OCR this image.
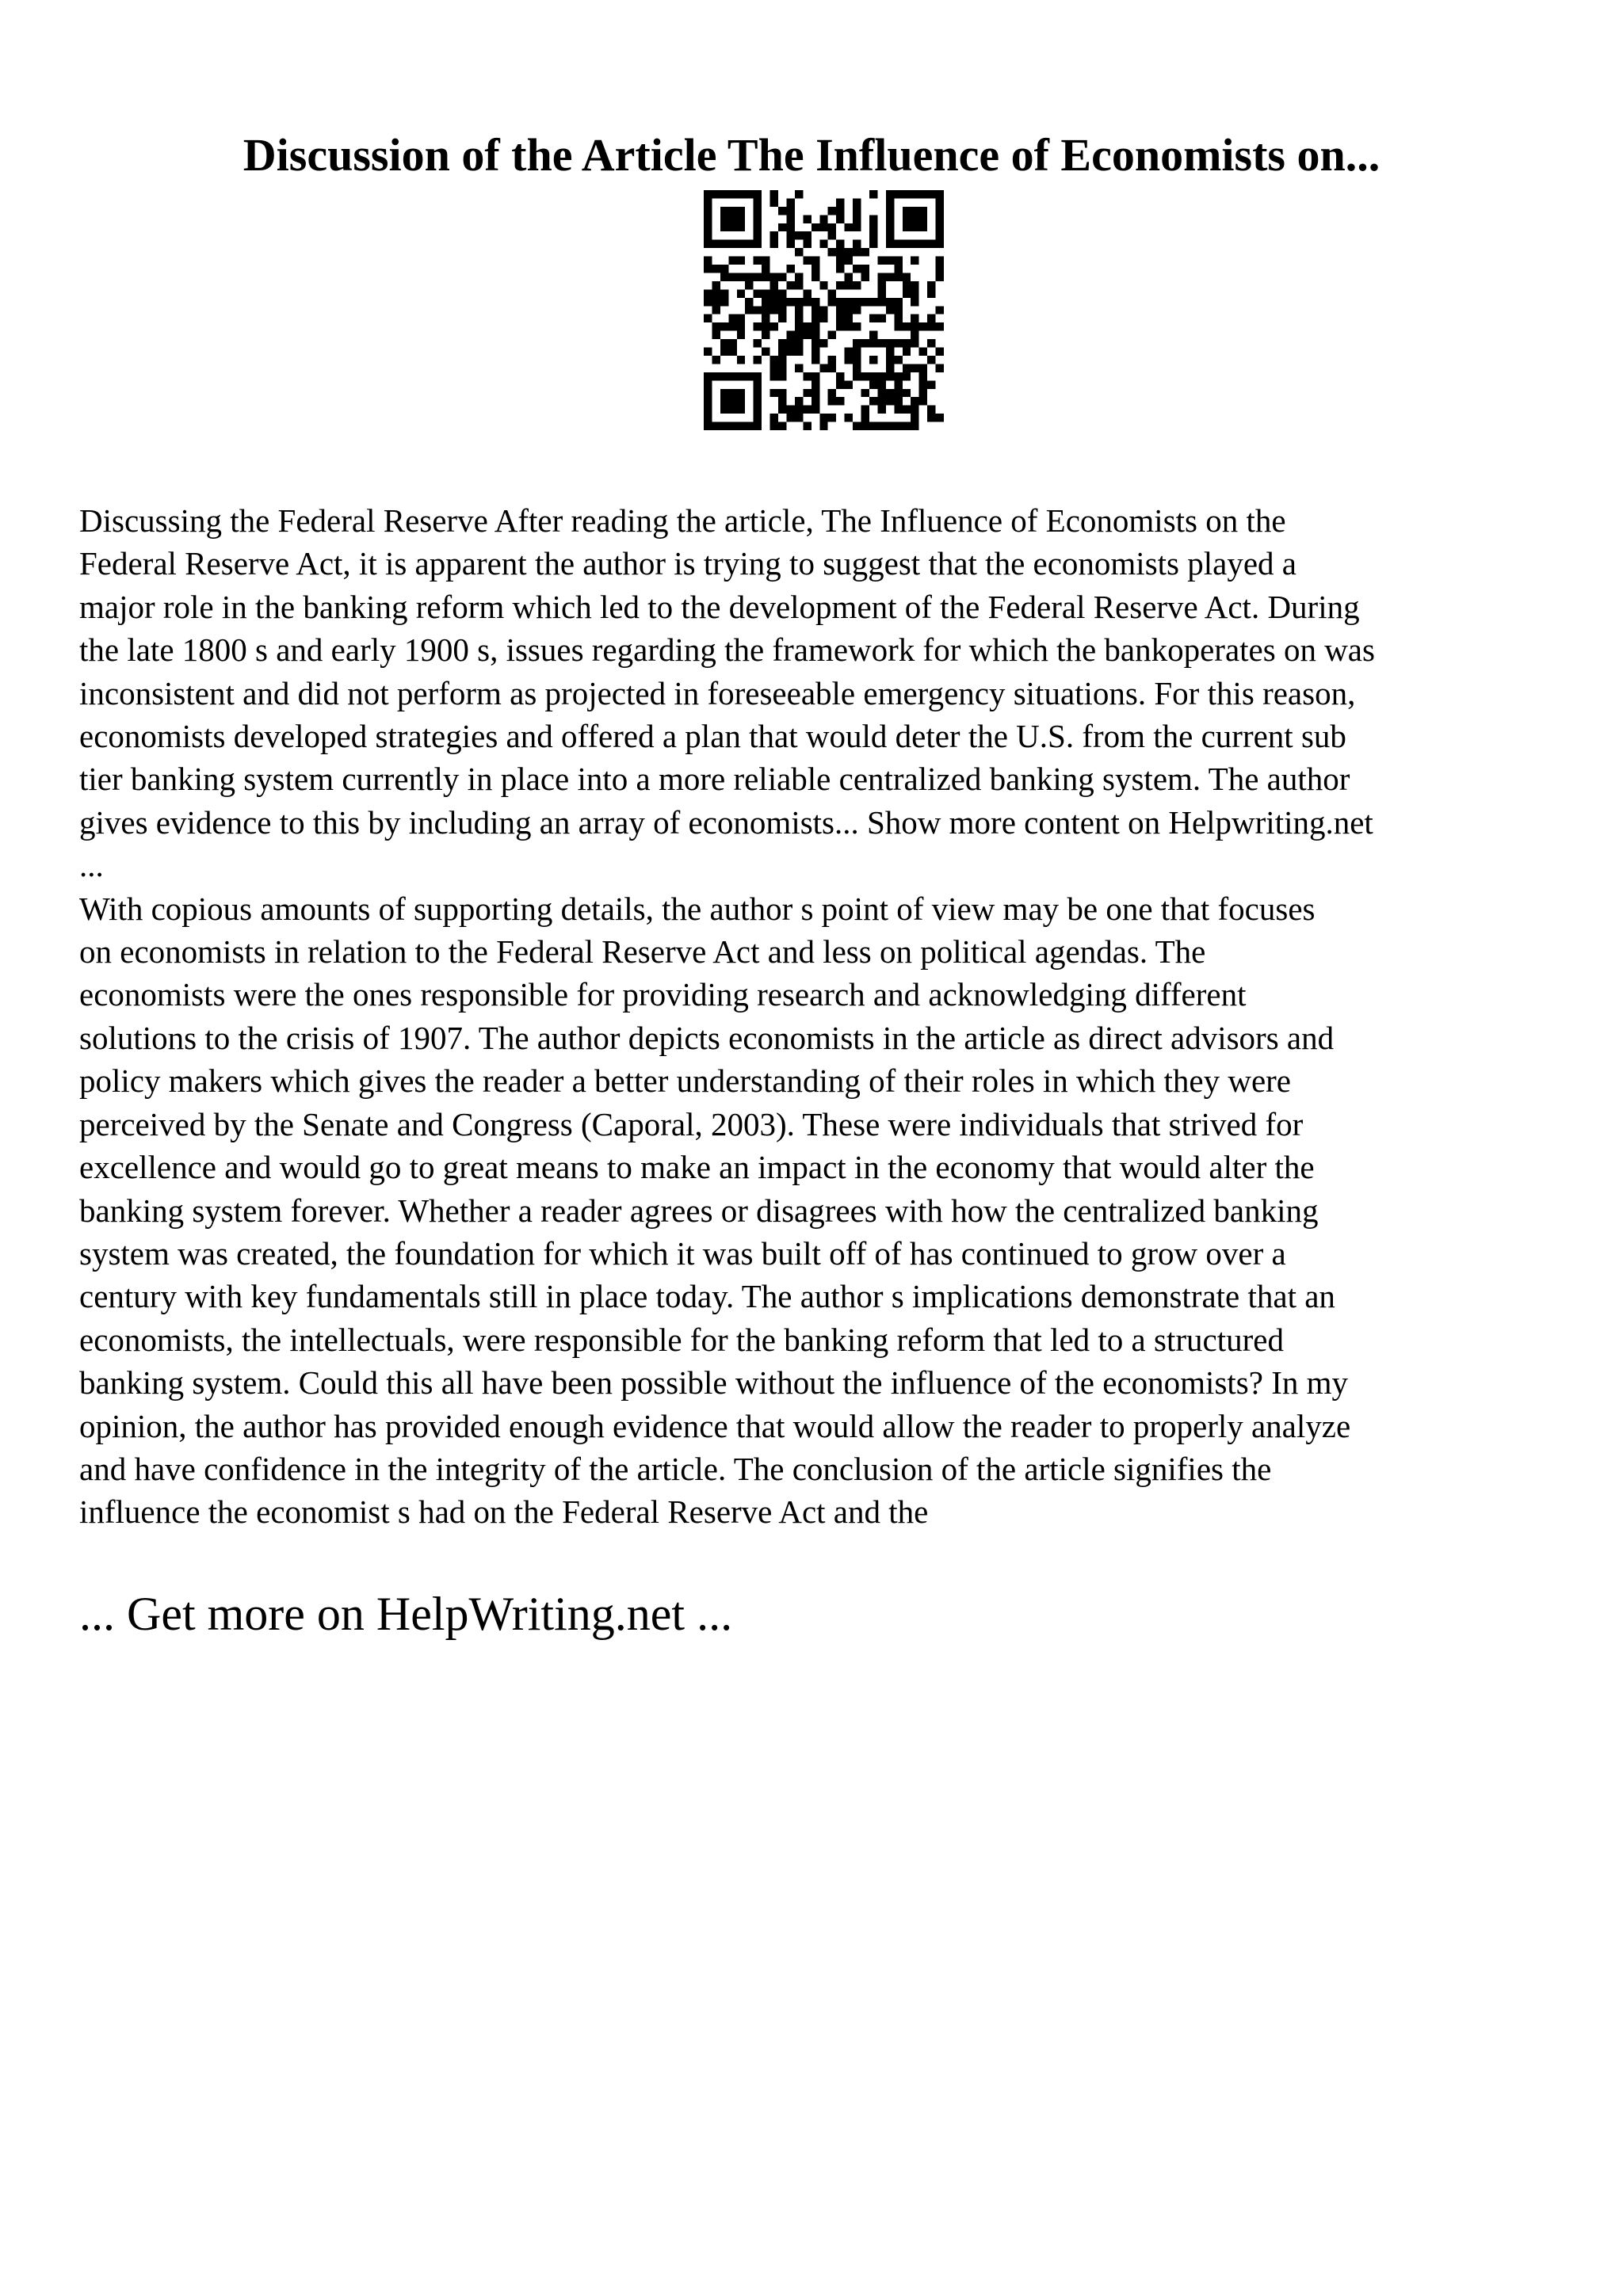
Discussion of the Article The Influence of Economists on...
Discussing the Federal Reserve After reading the article, The Influence of Economists on the
Federal Reserve Act, it is apparent the author is trying to suggest that the economists played a
major role in the banking reform which led to the development of the Federal Reserve Act. During
the late 1800 s and early 1900 s, issues regarding the framework for which the bankoperates on was
inconsistent and did not perform as projected in foreseeable emergency situations. For this reason,
economists developed strategies and offered a plan that would deter the U.S. from the current sub
tier banking system currently in place into a more reliable centralized banking system. The author
gives evidence to this by including an array of economists... Show more content on Helpwriting.net
...
With copious amounts of supporting details, the author s point of view may be one that focuses
on economists in relation to the Federal Reserve Act and less on political agendas. The
economists were the ones responsible for providing research and acknowledging different
solutions to the crisis of 1907. The author depicts economists in the article as direct advisors and
policy makers which gives the reader a better understanding of their roles in which they were
perceived by the Senate and Congress (Caporal, 2003). These were individuals that strived for
excellence and would go to great means to make an impact in the economy that would alter the
banking system forever. Whether a reader agrees or disagrees with how the centralized banking
system was created, the foundation for which it was built off of has continued to grow over a
century with key fundamentals still in place today. The author s implications demonstrate that an
economists, the intellectuals, were responsible for the banking reform that led to a structured
banking system. Could this all have been possible without the influence of the economists? In my
opinion, the author has provided enough evidence that would allow the reader to properly analyze
and have confidence in the integrity of the article. The conclusion of the article signifies the
influence the economist s had on the Federal Reserve Act and the
... Get more on HelpWriting.net ...
